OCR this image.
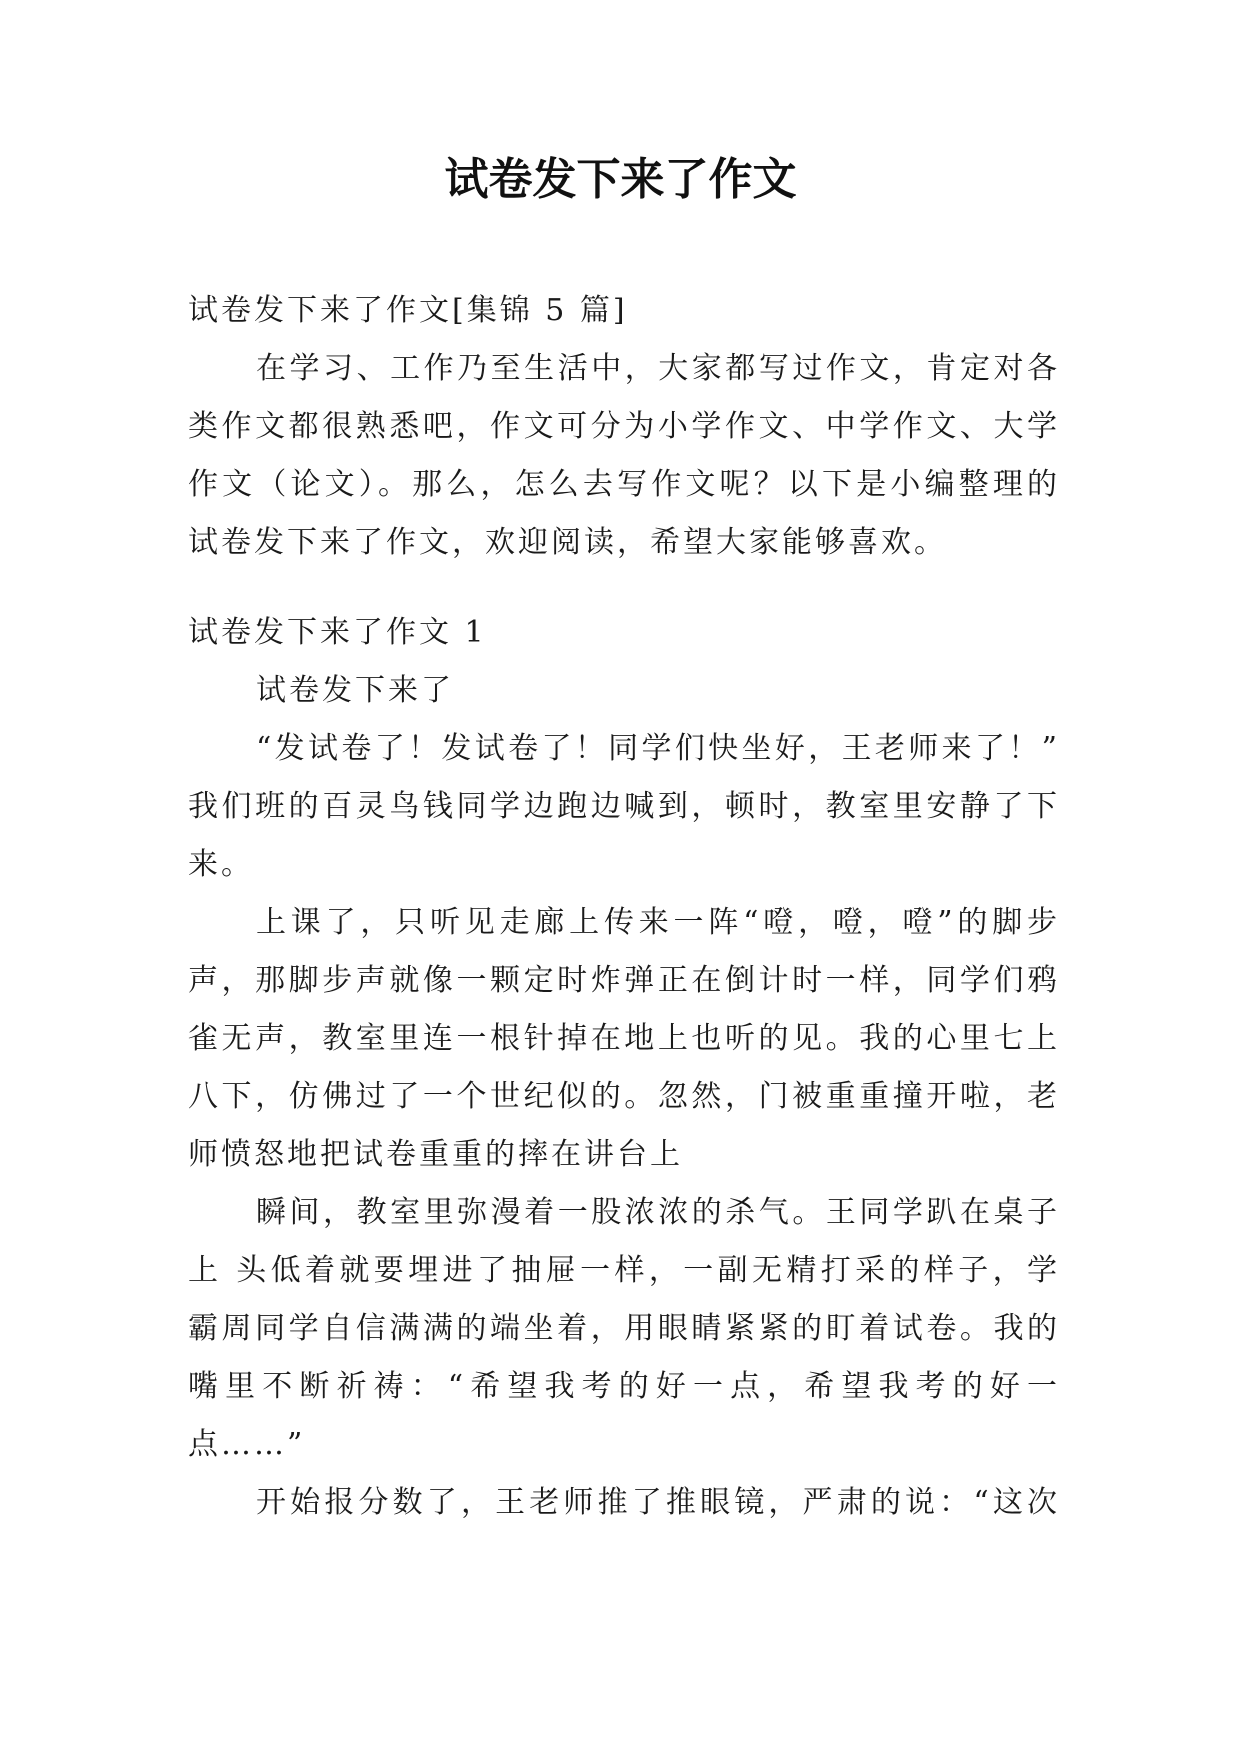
试卷发下来了作文
试卷发下来了作文[集锦 5 篇]
在学习、工作乃至生活中，大家都写过作文，肯定对各
类作文都很熟悉吧，作文可分为小学作文、中学作文、大学
作文（论文）。那么，怎么去写作文呢？以下是小编整理的
试卷发下来了作文，欢迎阅读，希望大家能够喜欢。
试卷发下来了作文 1
试卷发下来了
“发试卷了！发试卷了！同学们快坐好，王老师来了！”
我们班的百灵鸟钱同学边跑边喊到，顿时，教室里安静了下
来。
上课了，只听见走廊上传来一阵“噔，噔，噔”的脚步
声，那脚步声就像一颗定时炸弹正在倒计时一样，同学们鸦
雀无声，教室里连一根针掉在地上也听的见。我的心里七上
八下，仿佛过了一个世纪似的。忽然，门被重重撞开啦，老
师愤怒地把试卷重重的摔在讲台上
瞬间，教室里弥漫着一股浓浓的杀气。王同学趴在桌子
上 头低着就要埋进了抽屉一样，一副无精打采的样子，学
霸周同学自信满满的端坐着，用眼睛紧紧的盯着试卷。我的
嘴里不断祈祷：“希望我考的好一点，希望我考的好一
点……”
开始报分数了，王老师推了推眼镜，严肃的说：“这次
